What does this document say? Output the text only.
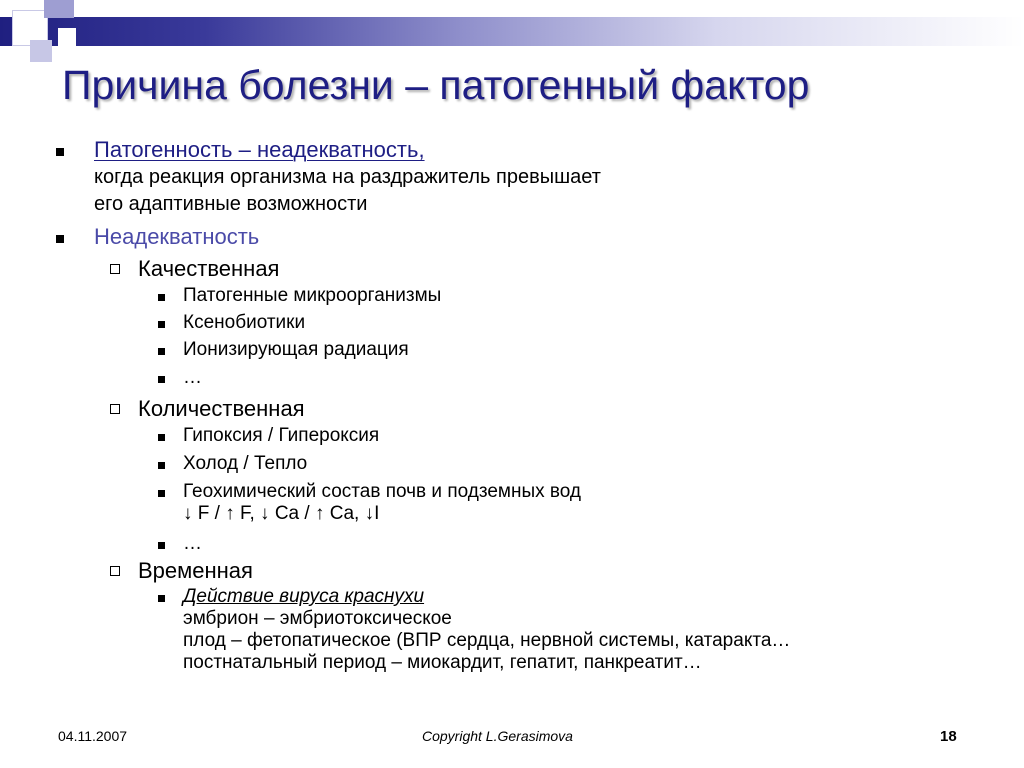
Причина болезни – патогенный фактор
Патогенность – неадекватность,
когда реакция организма на раздражитель превышает
его адаптивные возможности
Неадекватность
Качественная
Патогенные микроорганизмы
Ксенобиотики
Ионизирующая радиация
…
Количественная
Гипоксия / Гипероксия
Холод / Тепло
Геохимический состав почв и подземных вод
↓ F / ↑ F, ↓ Ca / ↑ Ca, ↓I
…
Временная
Действие вируса краснухи
эмбрион – эмбриотоксическое
плод – фетопатическое (ВПР сердца, нервной системы, катаракта…
постнатальный период – миокардит, гепатит, панкреатит…
04.11.2007	Copyright L.Gerasimova	18
